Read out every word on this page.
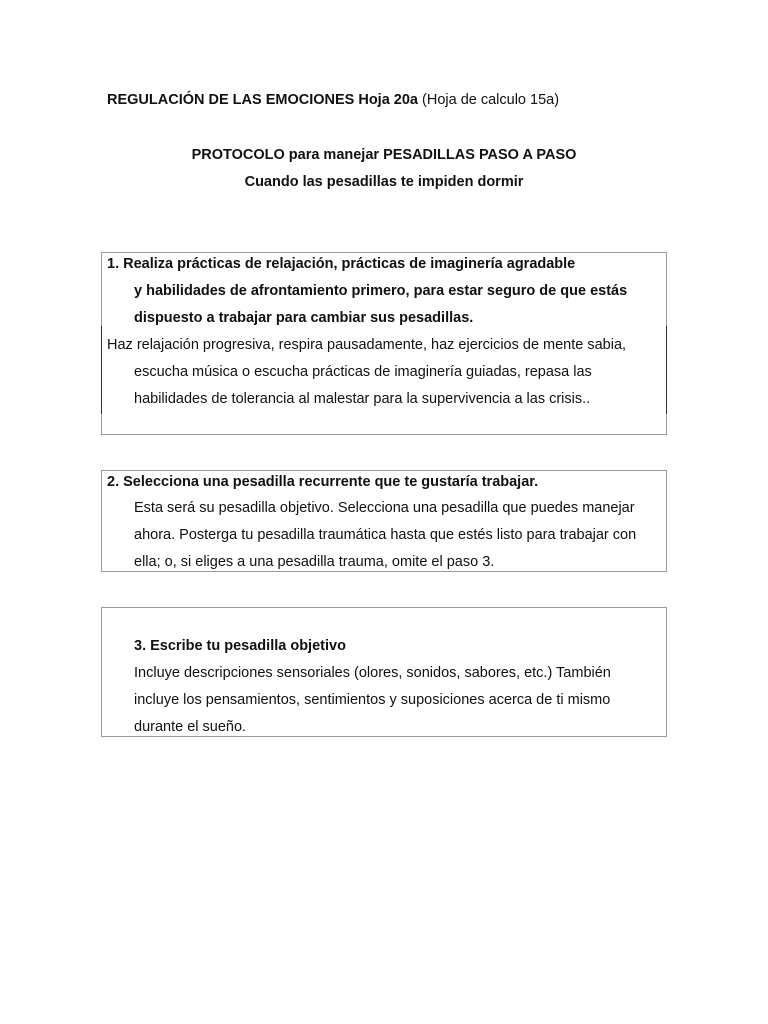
REGULACIÓN DE LAS EMOCIONES Hoja 20a (Hoja de calculo 15a)
PROTOCOLO para manejar PESADILLAS PASO A PASO
Cuando las pesadillas te impiden dormir
1. Realiza prácticas de relajación, prácticas de imaginería agradable
y habilidades de afrontamiento primero, para estar seguro de que estás
dispuesto a trabajar para cambiar sus pesadillas.
Haz relajación progresiva, respira pausadamente, haz ejercicios de mente sabia,
escucha música o escucha prácticas de imaginería guiadas, repasa las
habilidades de tolerancia al malestar para la supervivencia a las crisis..
2. Selecciona una pesadilla recurrente que te gustaría trabajar.
Esta será su pesadilla objetivo. Selecciona una pesadilla que puedes manejar
ahora. Posterga tu pesadilla traumática hasta que estés listo para trabajar con
ella; o, si eliges a una pesadilla trauma, omite el paso 3.
3. Escribe tu pesadilla objetivo
Incluye descripciones sensoriales (olores, sonidos, sabores, etc.) También
incluye los pensamientos, sentimientos y suposiciones acerca de ti mismo
durante el sueño.
